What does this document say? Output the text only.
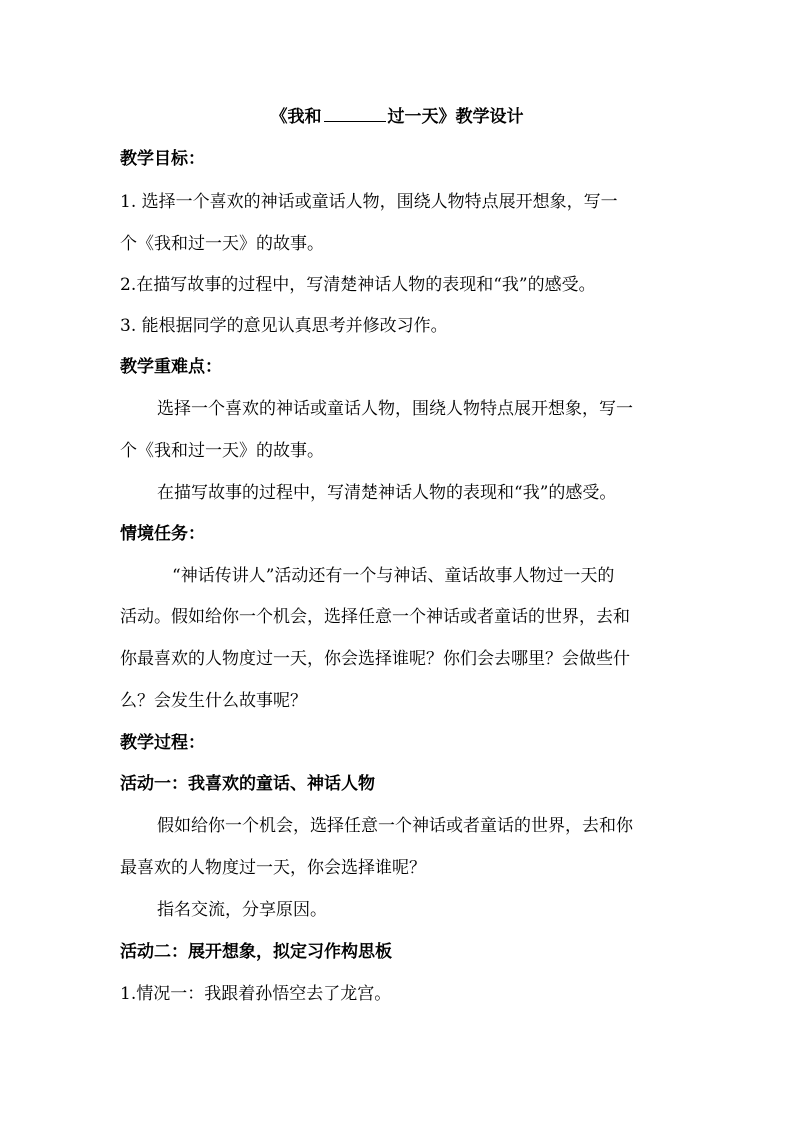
《我和	过一天》教学设计
教学目标：
1. 选择一个喜欢的神话或童话人物，围绕人物特点展开想象，写一
个《我和过一天》的故事。
2.在描写故事的过程中，写清楚神话人物的表现和“我”的感受。
3. 能根据同学的意见认真思考并修改习作。
教学重难点：
选择一个喜欢的神话或童话人物，围绕人物特点展开想象，写一
个《我和过一天》的故事。
在描写故事的过程中，写清楚神话人物的表现和“我”的感受。
情境任务：
“神话传讲人”活动还有一个与神话、童话故事人物过一天的
活动。假如给你一个机会，选择任意一个神话或者童话的世界，去和
你最喜欢的人物度过一天，你会选择谁呢？你们会去哪里？会做些什
么？会发生什么故事呢？
教学过程：
活动一：我喜欢的童话、神话人物
假如给你一个机会，选择任意一个神话或者童话的世界，去和你
最喜欢的人物度过一天，你会选择谁呢？
指名交流，分享原因。
活动二：展开想象，拟定习作构思板
1.情况一：我跟着孙悟空去了龙宫。
